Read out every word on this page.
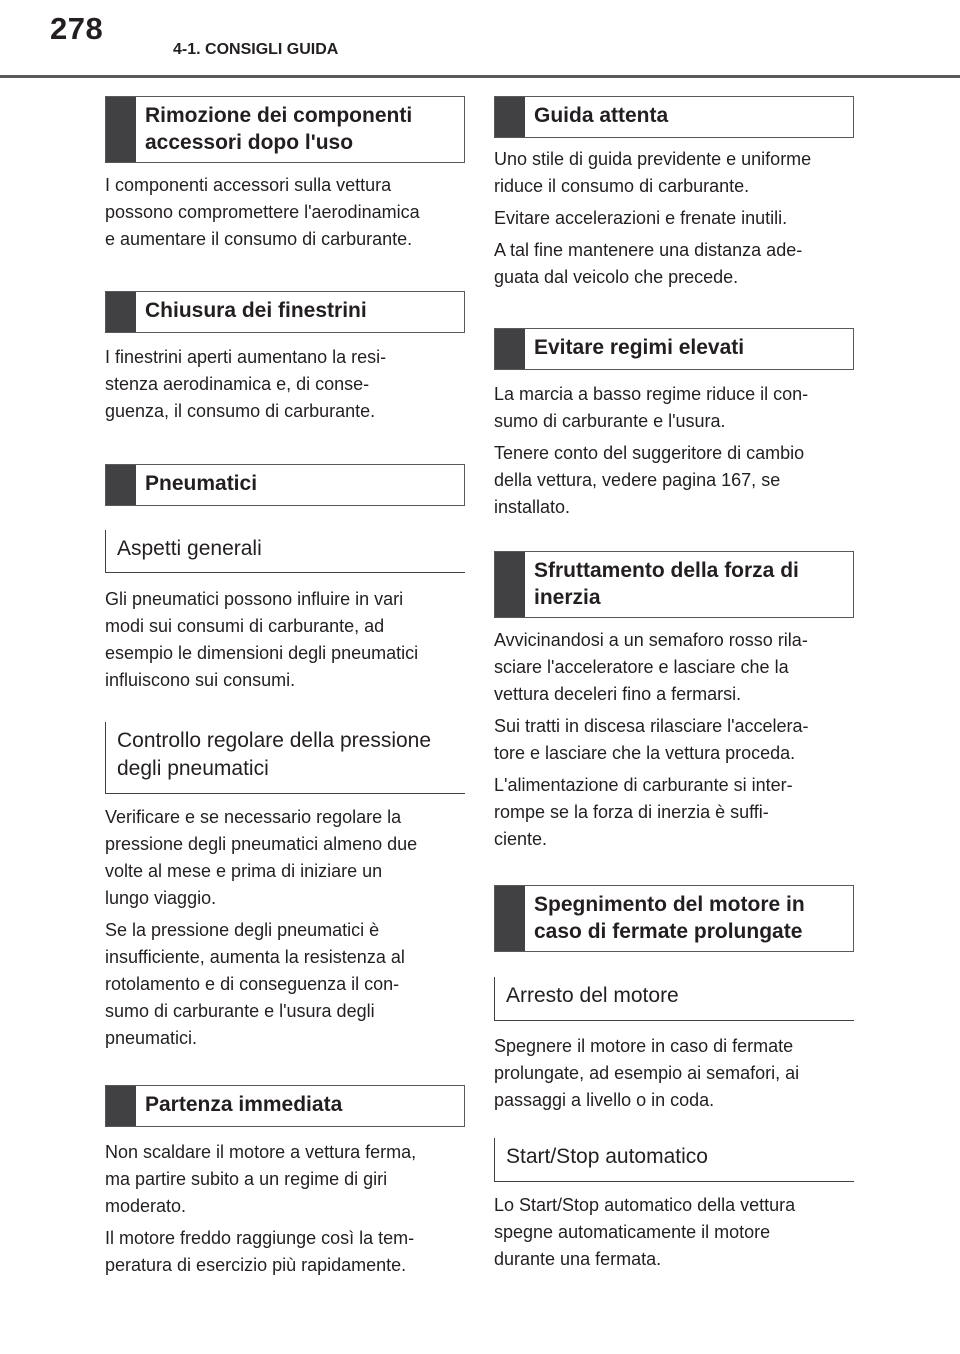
278
4-1. CONSIGLI GUIDA
Rimozione dei componenti
accessori dopo l'uso

I componenti accessori sulla vettura

possono compromettere l'aerodinamica

e aumentare il consumo di carburante.

Chiusura dei finestrini

I finestrini aperti aumentano la resi-

stenza aerodinamica e, di conse-

guenza, il consumo di carburante.

Pneumatici
Aspetti generali

Gli pneumatici possono influire in vari

modi sui consumi di carburante, ad

esempio le dimensioni degli pneumatici

influiscono sui consumi.

Controllo regolare della pressione
degli pneumatici

Verificare e se necessario regolare la

pressione degli pneumatici almeno due

volte al mese e prima di iniziare un

lungo viaggio.

Se la pressione degli pneumatici è

insufficiente, aumenta la resistenza al

rotolamento e di conseguenza il con-

sumo di carburante e l'usura degli

pneumatici.

Partenza immediata

Non scaldare il motore a vettura ferma,

ma partire subito a un regime di giri

moderato.

Il motore freddo raggiunge così la tem-

peratura di esercizio più rapidamente.

Guida attenta

Uno stile di guida previdente e uniforme

riduce il consumo di carburante.

Evitare accelerazioni e frenate inutili.

A tal fine mantenere una distanza ade-

guata dal veicolo che precede.

Evitare regimi elevati

La marcia a basso regime riduce il con-

sumo di carburante e l'usura.

Tenere conto del suggeritore di cambio

della vettura, vedere pagina 167, se

installato.

Sfruttamento della forza di
inerzia

Avvicinandosi a un semaforo rosso rila-

sciare l'acceleratore e lasciare che la

vettura deceleri fino a fermarsi.

Sui tratti in discesa rilasciare l'accelera-

tore e lasciare che la vettura proceda.

L'alimentazione di carburante si inter-

rompe se la forza di inerzia è suffi-

ciente.

Spegnimento del motore in
caso di fermate prolungate
Arresto del motore

Spegnere il motore in caso di fermate

prolungate, ad esempio ai semafori, ai

passaggi a livello o in coda.

Start/Stop automatico

Lo Start/Stop automatico della vettura

spegne automaticamente il motore

durante una fermata.
